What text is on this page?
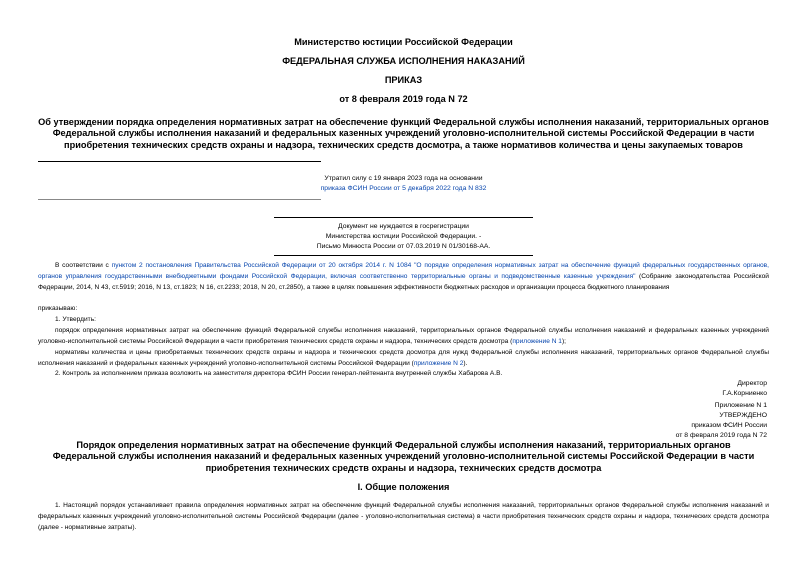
Министерство юстиции Российской Федерации
ФЕДЕРАЛЬНАЯ СЛУЖБА ИСПОЛНЕНИЯ НАКАЗАНИЙ
ПРИКАЗ
от 8 февраля 2019 года N 72
Об утверждении порядка определения нормативных затрат на обеспечение функций Федеральной службы исполнения наказаний, территориальных органов Федеральной службы исполнения наказаний и федеральных казенных учреждений уголовно-исполнительной системы Российской Федерации в части приобретения технических средств охраны и надзора, технических средств досмотра, а также нормативов количества и цены закупаемых товаров
Утратил силу с 19 января 2023 года на основании
приказа ФСИН России от 5 декабря 2022 года N 832
Документ не нуждается в госрегистрации
Министерства юстиции Российской Федерации. -
Письмо Минюста России от 07.03.2019 N 01/30168-АА.
В соответствии с пунктом 2 постановления Правительства Российской Федерации от 20 октября 2014 г. N 1084 "О порядке определения нормативных затрат на обеспечение функций федеральных государственных органов, органов управления государственными внебюджетными фондами Российской Федерации, включая соответственно территориальные органы и подведомственные казенные учреждения" (Собрание законодательства Российской Федерации, 2014, N 43, ст.5919; 2016, N 13, ст.1823; N 16, ст.2233; 2018, N 20, ст.2850), а также в целях повышения эффективности бюджетных расходов и организации процесса бюджетного планирования
приказываю:
1. Утвердить:
порядок определения нормативных затрат на обеспечение функций Федеральной службы исполнения наказаний, территориальных органов Федеральной службы исполнения наказаний и федеральных казенных учреждений уголовно-исполнительной системы Российской Федерации в части приобретения технических средств охраны и надзора, технических средств досмотра (приложение N 1);
нормативы количества и цены приобретаемых технических средств охраны и надзора и технических средств досмотра для нужд Федеральной службы исполнения наказаний, территориальных органов Федеральной службы исполнения наказаний и федеральных казенных учреждений уголовно-исполнительной системы Российской Федерации (приложение N 2).
2. Контроль за исполнением приказа возложить на заместителя директора ФСИН России генерал-лейтенанта внутренней службы Хабарова А.В.
Директор
Г.А.Корниенко
Приложение N 1
УТВЕРЖДЕНО
приказом ФСИН России
от 8 февраля 2019 года N 72
Порядок определения нормативных затрат на обеспечение функций Федеральной службы исполнения наказаний, территориальных органов Федеральной службы исполнения наказаний и федеральных казенных учреждений уголовно-исполнительной системы Российской Федерации в части приобретения технических средств охраны и надзора, технических средств досмотра
I. Общие положения
1. Настоящий порядок устанавливает правила определения нормативных затрат на обеспечение функций Федеральной службы исполнения наказаний, территориальных органов Федеральной службы исполнения наказаний и федеральных казенных учреждений уголовно-исполнительной системы Российской Федерации (далее - уголовно-исполнительная система) в части приобретения технических средств охраны и надзора, технических средств досмотра (далее - нормативные затраты).
